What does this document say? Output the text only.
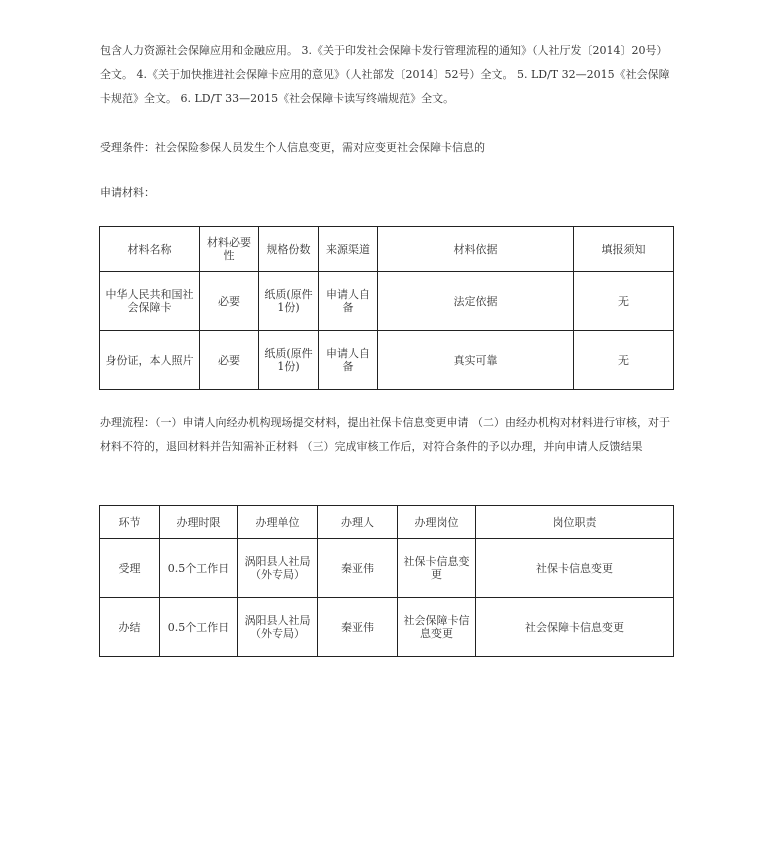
包含人力资源社会保障应用和金融应用。 3.《关于印发社会保障卡发行管理流程的通知》（人社厅发〔2014〕20号）全文。 4.《关于加快推进社会保障卡应用的意见》（人社部发〔2014〕52号）全文。 5. LD/T 32—2015《社会保障卡规范》全文。 6. LD/T 33—2015《社会保障卡读写终端规范》全文。

受理条件：社会保险参保人员发生个人信息变更，需对应变更社会保障卡信息的

申请材料：

材料名称	材料必要性	规格份数	来源渠道	材料依据	填报须知
中华人民共和国社会保障卡	必要	纸质(原件1份)	申请人自备	法定依据	无
身份证，本人照片	必要	纸质(原件1份)	申请人自备	真实可靠	无

办理流程：（一）申请人向经办机构现场提交材料，提出社保卡信息变更申请 （二）由经办机构对材料进行审核，对于材料不符的，退回材料并告知需补正材料 （三）完成审核工作后，对符合条件的予以办理，并向申请人反馈结果

环节	办理时限	办理单位	办理人	办理岗位	岗位职责
受理	0.5个工作日	涡阳县人社局（外专局）	秦亚伟	社保卡信息变更	社保卡信息变更
办结	0.5个工作日	涡阳县人社局（外专局）	秦亚伟	社会保障卡信息变更	社会保障卡信息变更
